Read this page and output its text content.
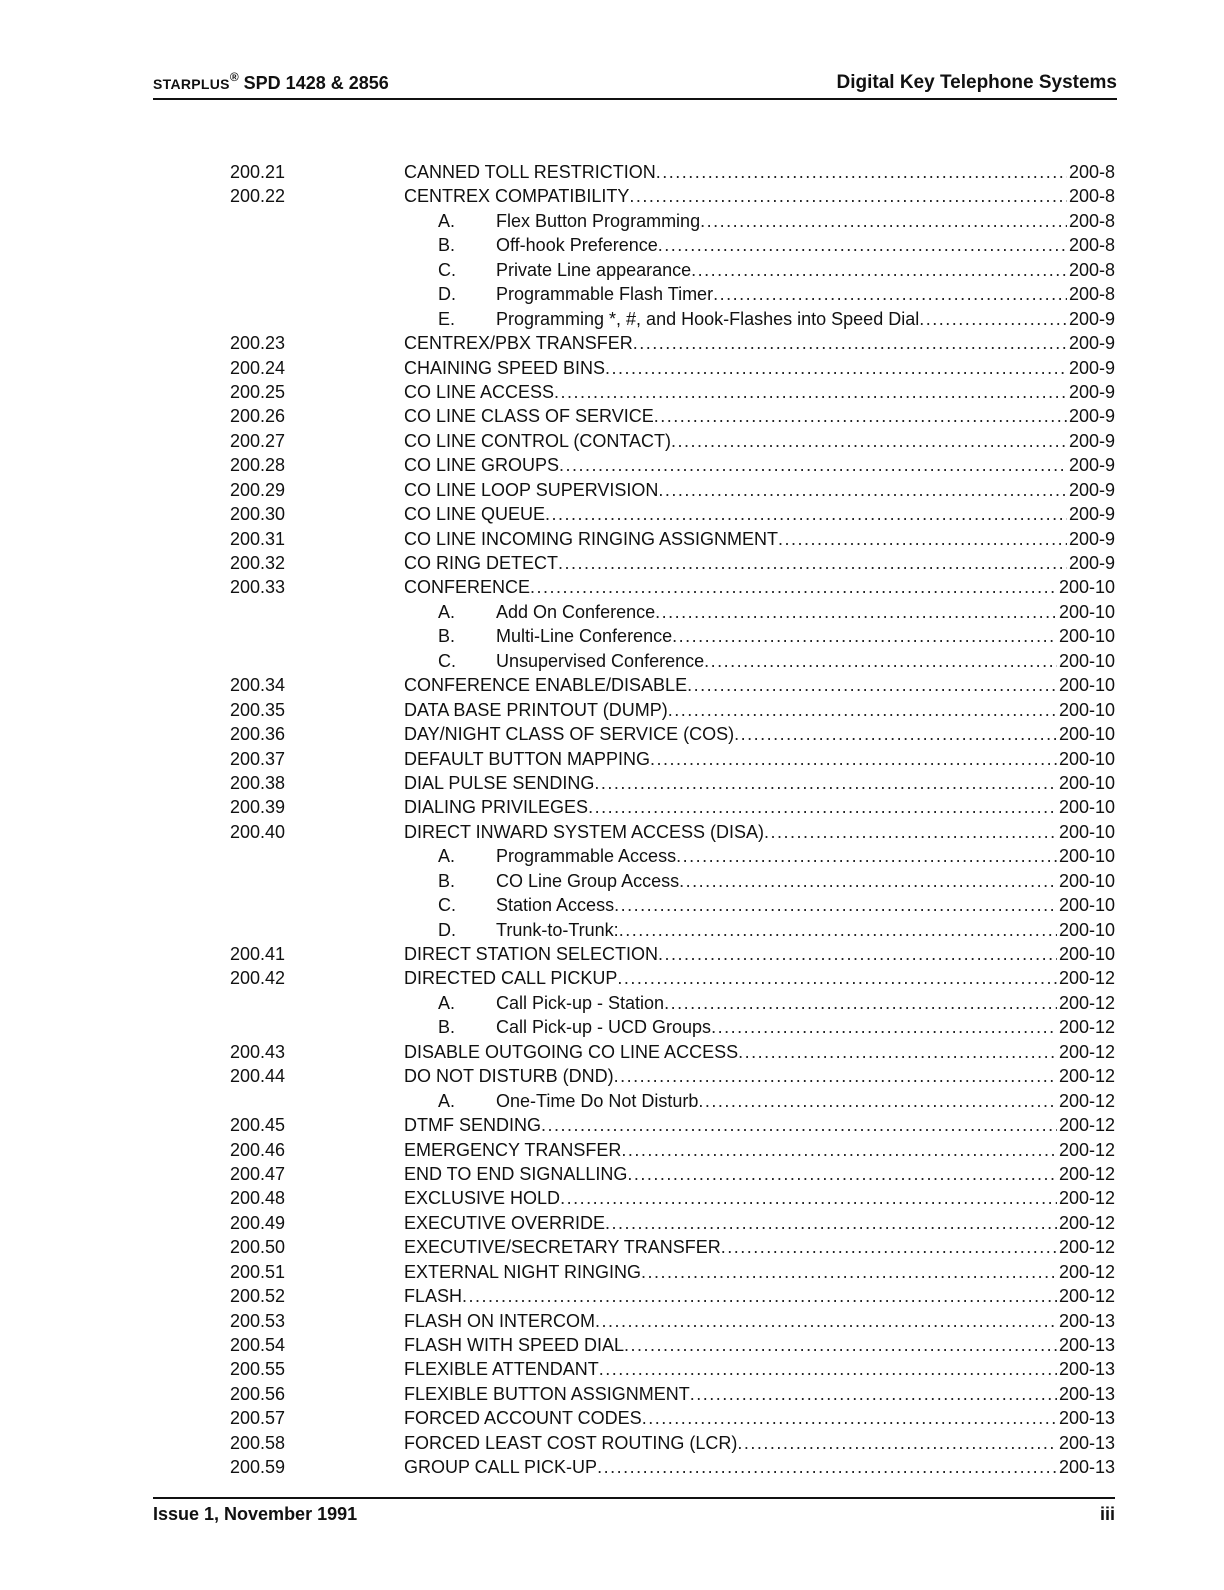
STARPLUS® SPD 1428 & 2856	Digital Key Telephone Systems
200.21	CANNED TOLL RESTRICTION .....	200-8
200.22	CENTREX COMPATIBILITY .....	200-8
A.	Flex Button Programming .....	200-8
B.	Off-hook Preference .....	200-8
C.	Private Line appearance .....	200-8
D.	Programmable Flash Timer .....	200-8
E.	Programming *, #, and Hook-Flashes into Speed Dial .....	200-9
200.23	CENTREX/PBX TRANSFER .....	200-9
200.24	CHAINING SPEED BINS .....	200-9
200.25	CO LINE ACCESS .....	200-9
200.26	CO LINE CLASS OF SERVICE .....	200-9
200.27	CO LINE CONTROL (CONTACT) .....	200-9
200.28	CO LINE GROUPS .....	200-9
200.29	CO LINE LOOP SUPERVISION .....	200-9
200.30	CO LINE QUEUE .....	200-9
200.31	CO LINE INCOMING RINGING ASSIGNMENT .....	200-9
200.32	CO RING DETECT .....	200-9
200.33	CONFERENCE .....	200-10
A.	Add On Conference .....	200-10
B.	Multi-Line Conference .....	200-10
C.	Unsupervised Conference .....	200-10
200.34	CONFERENCE ENABLE/DISABLE .....	200-10
200.35	DATA BASE PRINTOUT (DUMP) .....	200-10
200.36	DAY/NIGHT CLASS OF SERVICE (COS) .....	200-10
200.37	DEFAULT BUTTON MAPPING .....	200-10
200.38	DIAL PULSE SENDING .....	200-10
200.39	DIALING PRIVILEGES .....	200-10
200.40	DIRECT INWARD SYSTEM ACCESS (DISA) .....	200-10
A.	Programmable Access .....	200-10
B.	CO Line Group Access .....	200-10
C.	Station Access .....	200-10
D.	Trunk-to-Trunk: .....	200-10
200.41	DIRECT STATION SELECTION .....	200-10
200.42	DIRECTED CALL PICKUP .....	200-12
A.	Call Pick-up - Station .....	200-12
B.	Call Pick-up - UCD Groups .....	200-12
200.43	DISABLE OUTGOING CO LINE ACCESS .....	200-12
200.44	DO NOT DISTURB (DND) .....	200-12
A.	One-Time Do Not Disturb .....	200-12
200.45	DTMF SENDING .....	200-12
200.46	EMERGENCY TRANSFER .....	200-12
200.47	END TO END SIGNALLING .....	200-12
200.48	EXCLUSIVE HOLD .....	200-12
200.49	EXECUTIVE OVERRIDE .....	200-12
200.50	EXECUTIVE/SECRETARY TRANSFER .....	200-12
200.51	EXTERNAL NIGHT RINGING .....	200-12
200.52	FLASH .....	200-12
200.53	FLASH ON INTERCOM .....	200-13
200.54	FLASH WITH SPEED DIAL .....	200-13
200.55	FLEXIBLE ATTENDANT .....	200-13
200.56	FLEXIBLE BUTTON ASSIGNMENT .....	200-13
200.57	FORCED ACCOUNT CODES .....	200-13
200.58	FORCED LEAST COST ROUTING (LCR) .....	200-13
200.59	GROUP CALL PICK-UP .....	200-13
Issue 1, November 1991	iii
